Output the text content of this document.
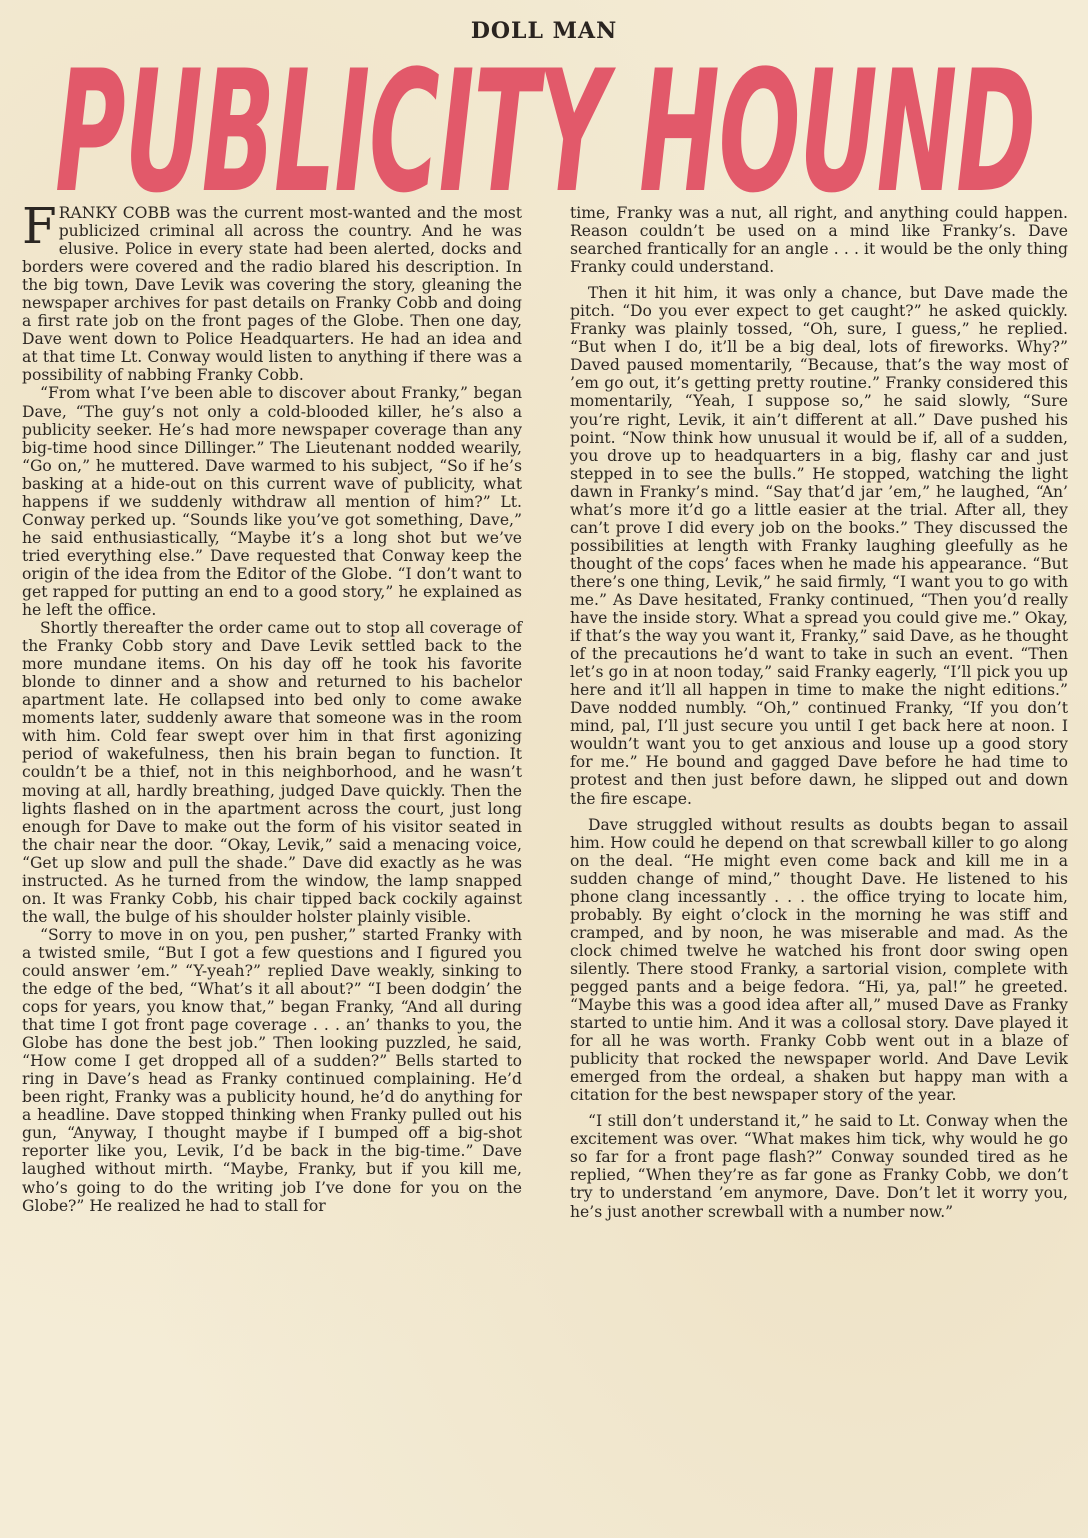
DOLL MAN
PUBLICITY HOUND

FRANKY COBB was the current most-wanted and the most publicized criminal all across the country. And he was elusive. Police in every state had been alerted, docks and borders were covered and the radio blared his description. In the big town, Dave Levik was covering the story, gleaning the newspaper archives for past details on Franky Cobb and doing a first rate job on the front pages of the Globe. Then one day, Dave went down to Police Headquarters. He had an idea and at that time Lt. Conway would listen to anything if there was a possibility of nabbing Franky Cobb.

“From what I’ve been able to discover about Franky,” began Dave, “The guy’s not only a cold-blooded killer, he’s also a publicity seeker. He’s had more newspaper coverage than any big-time hood since Dillinger.” The Lieutenant nodded wearily, “Go on,” he muttered. Dave warmed to his subject, “So if he’s basking at a hide-out on this current wave of publicity, what happens if we suddenly withdraw all mention of him?” Lt. Conway perked up. “Sounds like you’ve got something, Dave,” he said enthusiastically, “Maybe it’s a long shot but we’ve tried everything else.” Dave requested that Conway keep the origin of the idea from the Editor of the Globe. “I don’t want to get rapped for putting an end to a good story,” he explained as he left the office.

Shortly thereafter the order came out to stop all coverage of the Franky Cobb story and Dave Levik settled back to the more mundane items. On his day off he took his favorite blonde to dinner and a show and returned to his bachelor apartment late. He collapsed into bed only to come awake moments later, suddenly aware that someone was in the room with him. Cold fear swept over him in that first agonizing period of wakefulness, then his brain began to function. It couldn’t be a thief, not in this neighborhood, and he wasn’t moving at all, hardly breathing, judged Dave quickly. Then the lights flashed on in the apartment across the court, just long enough for Dave to make out the form of his visitor seated in the chair near the door. “Okay, Levik,” said a menacing voice, “Get up slow and pull the shade.” Dave did exactly as he was instructed. As he turned from the window, the lamp snapped on. It was Franky Cobb, his chair tipped back cockily against the wall, the bulge of his shoulder holster plainly visible.

“Sorry to move in on you, pen pusher,” started Franky with a twisted smile, “But I got a few questions and I figured you could answer ’em.” “Y-yeah?” replied Dave weakly, sinking to the edge of the bed, “What’s it all about?” “I been dodgin’ the cops for years, you know that,” began Franky, “And all during that time I got front page coverage . . . an’ thanks to you, the Globe has done the best job.” Then looking puzzled, he said, “How come I get dropped all of a sudden?” Bells started to ring in Dave’s head as Franky continued complaining. He’d been right, Franky was a publicity hound, he’d do anything for a headline. Dave stopped thinking when Franky pulled out his gun, “Anyway, I thought maybe if I bumped off a big-shot reporter like you, Levik, I’d be back in the big-time.” Dave laughed without mirth. “Maybe, Franky, but if you kill me, who’s going to do the writing job I’ve done for you on the Globe?” He realized he had to stall for

time, Franky was a nut, all right, and anything could happen. Reason couldn’t be used on a mind like Franky’s. Dave searched frantically for an angle . . . it would be the only thing Franky could understand.

Then it hit him, it was only a chance, but Dave made the pitch. “Do you ever expect to get caught?” he asked quickly. Franky was plainly tossed, “Oh, sure, I guess,” he replied. “But when I do, it’ll be a big deal, lots of fireworks. Why?” Daved paused momentarily, “Because, that’s the way most of ’em go out, it’s getting pretty routine.” Franky considered this momentarily, “Yeah, I suppose so,” he said slowly, “Sure you’re right, Levik, it ain’t different at all.” Dave pushed his point. “Now think how unusual it would be if, all of a sudden, you drove up to headquarters in a big, flashy car and just stepped in to see the bulls.” He stopped, watching the light dawn in Franky’s mind. “Say that’d jar ’em,” he laughed, “An’ what’s more it’d go a little easier at the trial. After all, they can’t prove I did every job on the books.” They discussed the possibilities at length with Franky laughing gleefully as he thought of the cops’ faces when he made his appearance. “But there’s one thing, Levik,” he said firmly, “I want you to go with me.” As Dave hesitated, Franky continued, “Then you’d really have the inside story. What a spread you could give me.” Okay, if that’s the way you want it, Franky,” said Dave, as he thought of the precautions he’d want to take in such an event. “Then let’s go in at noon today,” said Franky eagerly, “I’ll pick you up here and it’ll all happen in time to make the night editions.” Dave nodded numbly. “Oh,” continued Franky, “If you don’t mind, pal, I’ll just secure you until I get back here at noon. I wouldn’t want you to get anxious and louse up a good story for me.” He bound and gagged Dave before he had time to protest and then just before dawn, he slipped out and down the fire escape.

Dave struggled without results as doubts began to assail him. How could he depend on that screwball killer to go along on the deal. “He might even come back and kill me in a sudden change of mind,” thought Dave. He listened to his phone clang incessantly . . . the office trying to locate him, probably. By eight o’clock in the morning he was stiff and cramped, and by noon, he was miserable and mad. As the clock chimed twelve he watched his front door swing open silently. There stood Franky, a sartorial vision, complete with pegged pants and a beige fedora. “Hi, ya, pal!” he greeted. “Maybe this was a good idea after all,” mused Dave as Franky started to untie him. And it was a collosal story. Dave played it for all he was worth. Franky Cobb went out in a blaze of publicity that rocked the newspaper world. And Dave Levik emerged from the ordeal, a shaken but happy man with a citation for the best newspaper story of the year.

“I still don’t understand it,” he said to Lt. Conway when the excitement was over. “What makes him tick, why would he go so far for a front page flash?” Conway sounded tired as he replied, “When they’re as far gone as Franky Cobb, we don’t try to understand ’em anymore, Dave. Don’t let it worry you, he’s just another screwball with a number now.”
